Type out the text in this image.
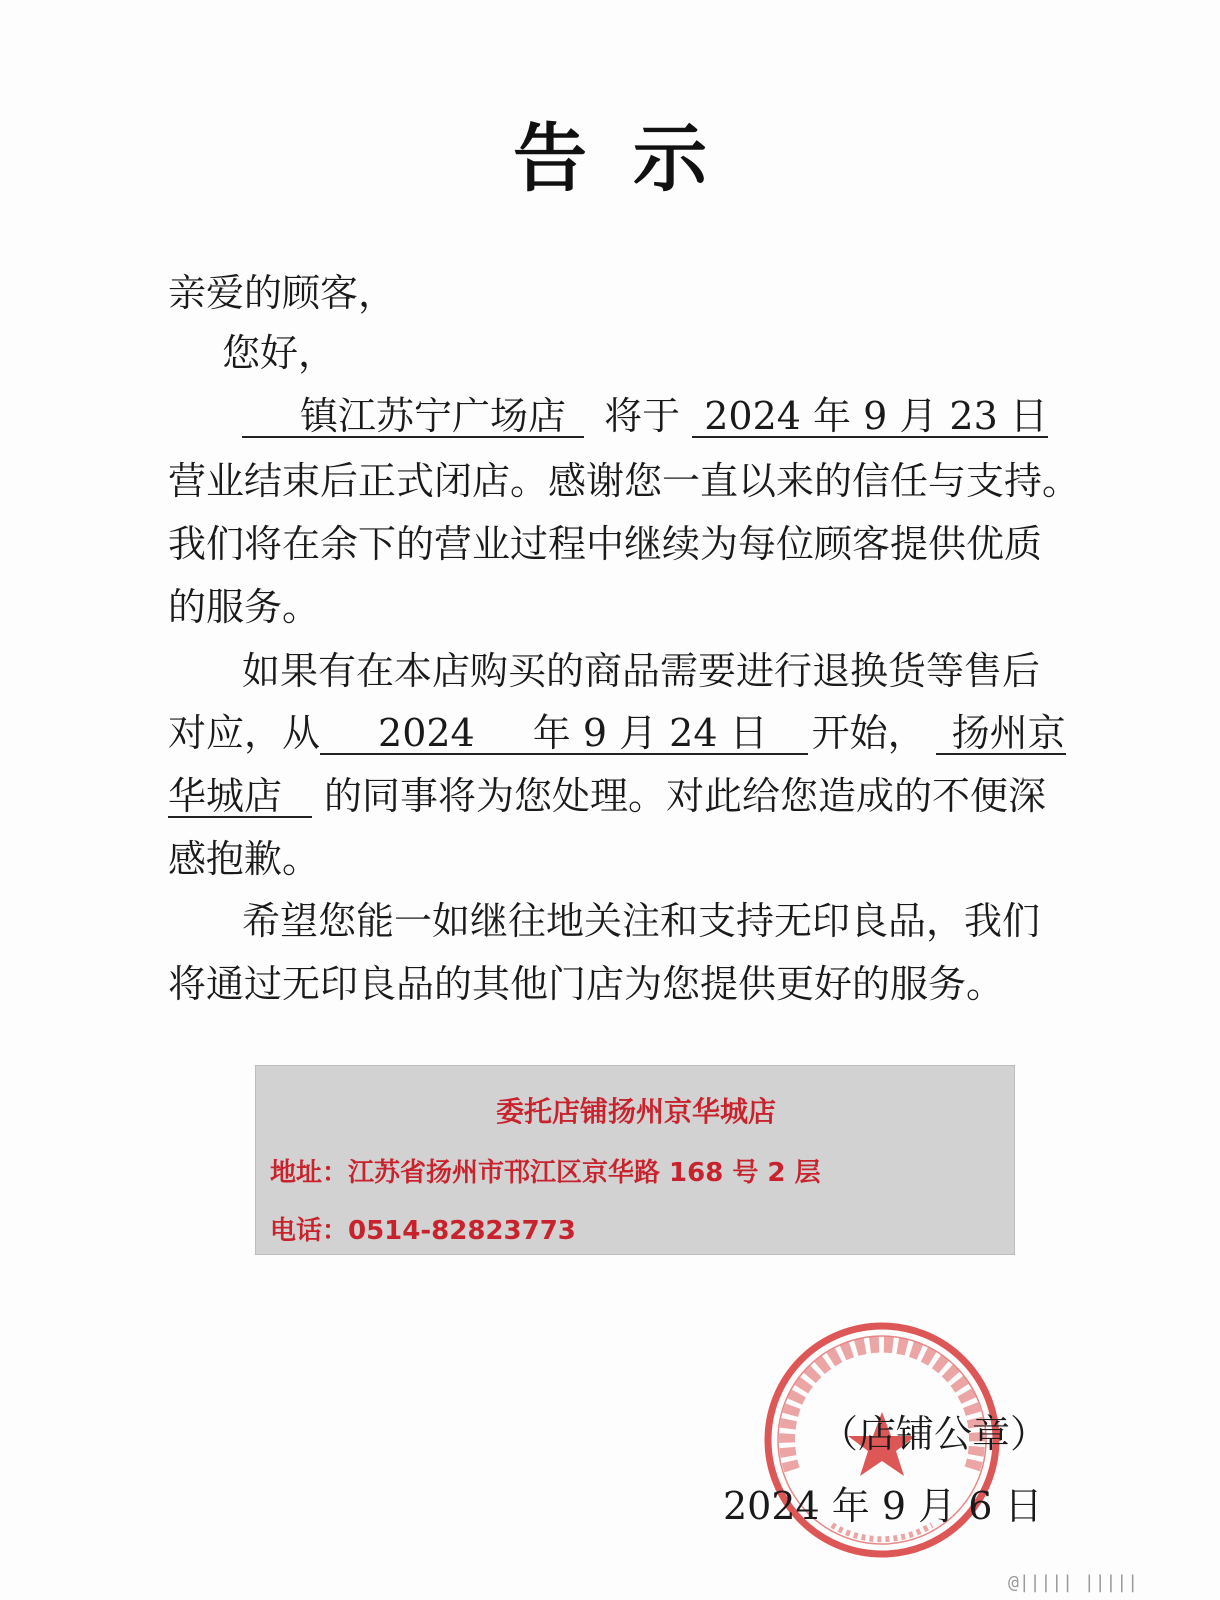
告示
亲爱的顾客，
您好，
镇江苏宁广场店 将于 2024 年 9 月 23 日
营业结束后正式闭店。感谢您一直以来的信任与支持。
我们将在余下的营业过程中继续为每位顾客提供优质
的服务。
如果有在本店购买的商品需要进行退换货等售后
对应，从 2024 年 9 月 24 日 开始， 扬州京
华城店 的同事将为您处理。对此给您造成的不便深
感抱歉。
希望您能一如继往地关注和支持无印良品，我们
将通过无印良品的其他门店为您提供更好的服务。
委托店铺扬州京华城店
地址：江苏省扬州市邗江区京华路 168 号 2 层
电话：0514-82823773
（店铺公章）
2024 年 9 月 6 日
@||||| |||||
